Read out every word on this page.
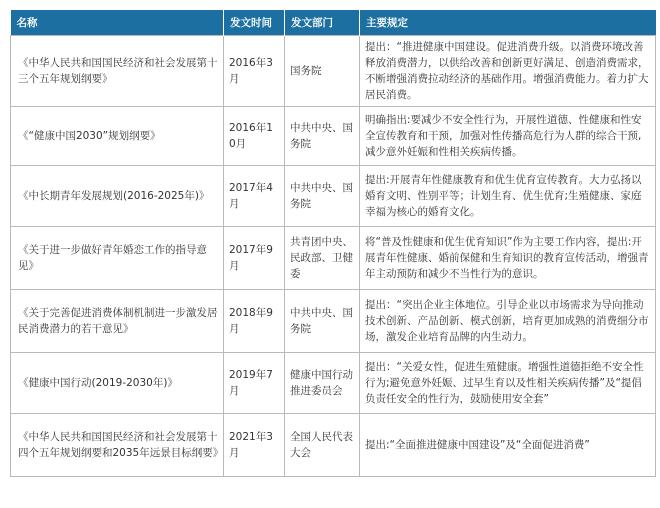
名称	发文时间	发文部门	主要规定
《中华人民共和国国民经济和社会发展第十三个五年规划纲要》	2016年3月	国务院	提出：“推进健康中国建设。促进消费升级。以消费环境改善释放消费潜力，以供给改善和创新更好满足、创造消费需求，不断增强消费拉动经济的基础作用。增强消费能力。着力扩大居民消费。
《“健康中国2030”规划纲要》	2016年10月	中共中央、国务院	明确指出:要减少不安全性行为，开展性道德、性健康和性安全宣传教育和干预，加强对性传播高危行为人群的综合干预,减少意外妊娠和性相关疾病传播。
《中长期青年发展规划(2016-2025年)》	2017年4月	中共中央、国务院	提出:开展青年性健康教育和优生优育宣传教育。大力弘扬以婚育文明、性别平等；计划生育、优生优育;生殖健康、家庭幸福为核心的婚育文化。
《关于进一步做好青年婚恋工作的指导意见》	2017年9月	共青团中央、民政部、卫健委	将“普及性健康和优生优育知识”作为主要工作内容，提出:开展青年性健康、婚前保健和生育知识的教育宣传活动，增强青年主动预防和减少不当性行为的意识。
《关于完善促进消费体制机制进一步激发居民消费潜力的若干意见》	2018年9月	中共中央、国务院	提出：“突出企业主体地位。引导企业以市场需求为导向推动技术创新、产品创新、模式创新，培育更加成熟的消费细分市场，激发企业培育品牌的内生动力。
《健康中国行动(2019-2030年)》	2019年7月	健康中国行动推进委员会	提出：“关爱女性，促进生殖健康。增强性道德拒绝不安全性行为;避免意外妊娠、过早生育以及性相关疾病传播”及“提倡负责任安全的性行为，鼓励使用安全套”
《中华人民共和国国民经济和社会发展第十四个五年规划纲要和2035年远景目标纲要》	2021年3月	全国人民代表大会	提出:“全面推进健康中国建设”及“全面促进消费”
